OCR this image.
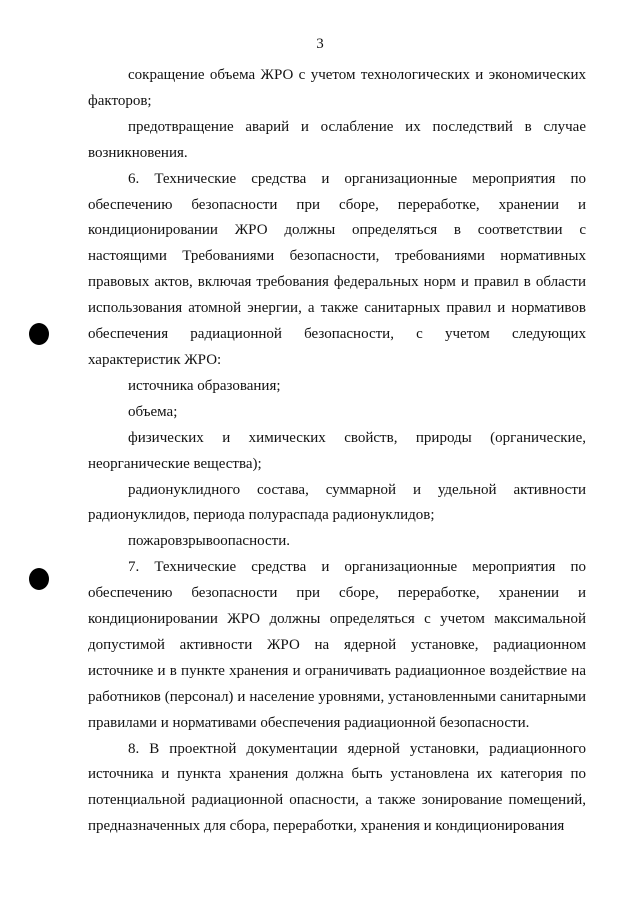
3

сокращение объема ЖРО с учетом технологических и экономических факторов;

предотвращение аварий и ослабление их последствий в случае возникновения.

6. Технические средства и организационные мероприятия по обеспечению безопасности при сборе, переработке, хранении и кондиционировании ЖРО должны определяться в соответствии с настоящими Требованиями безопасности, требованиями нормативных правовых актов, включая требования федеральных норм и правил в области использования атомной энергии, а также санитарных правил и нормативов обеспечения радиационной безопасности, с учетом следующих характеристик ЖРО:

источника образования;

объема;

физических и химических свойств, природы (органические, неорганические вещества);

радионуклидного состава, суммарной и удельной активности радионуклидов, периода полураспада радионуклидов;

пожаровзрывоопасности.

7. Технические средства и организационные мероприятия по обеспечению безопасности при сборе, переработке, хранении и кондиционировании ЖРО должны определяться с учетом максимальной допустимой активности ЖРО на ядерной установке, радиационном источнике и в пункте хранения и ограничивать радиационное воздействие на работников (персонал) и население уровнями, установленными санитарными правилами и нормативами обеспечения радиационной безопасности.

8. В проектной документации ядерной установки, радиационного источника и пункта хранения должна быть установлена их категория по потенциальной радиационной опасности, а также зонирование помещений, предназначенных для сбора, переработки, хранения и кондиционирования
